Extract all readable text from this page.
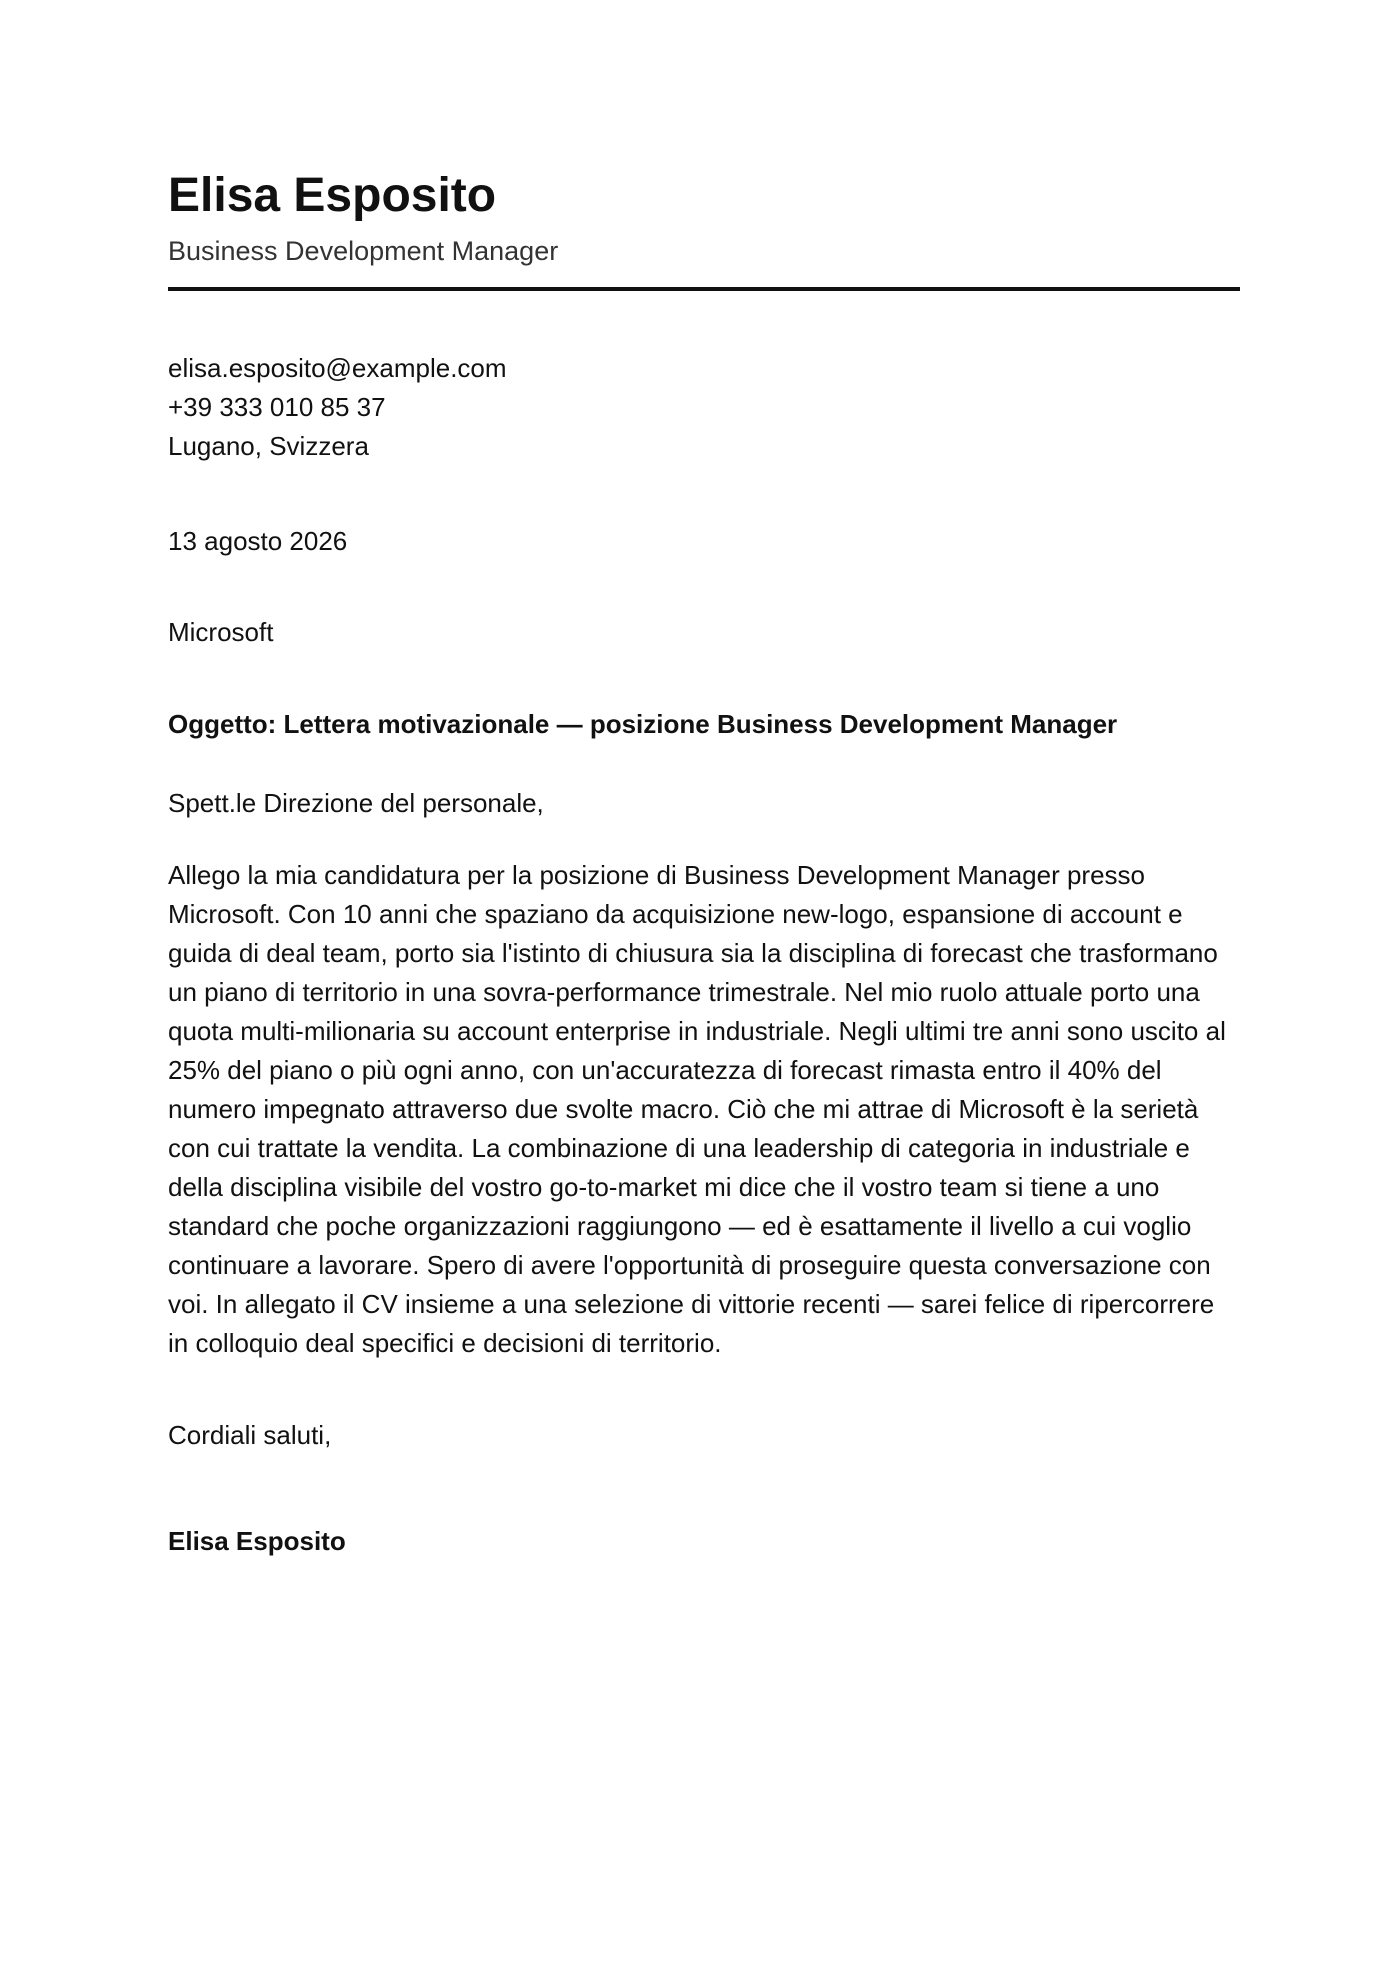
Elisa Esposito
Business Development Manager
elisa.esposito@example.com
+39 333 010 85 37
Lugano, Svizzera
13 agosto 2026
Microsoft
Oggetto: Lettera motivazionale — posizione Business Development Manager
Spett.le Direzione del personale,
Allego la mia candidatura per la posizione di Business Development Manager presso Microsoft. Con 10 anni che spaziano da acquisizione new-logo, espansione di account e guida di deal team, porto sia l'istinto di chiusura sia la disciplina di forecast che trasformano un piano di territorio in una sovra-performance trimestrale. Nel mio ruolo attuale porto una quota multi-milionaria su account enterprise in industriale. Negli ultimi tre anni sono uscito al 25% del piano o più ogni anno, con un'accuratezza di forecast rimasta entro il 40% del numero impegnato attraverso due svolte macro. Ciò che mi attrae di Microsoft è la serietà con cui trattate la vendita. La combinazione di una leadership di categoria in industriale e della disciplina visibile del vostro go-to-market mi dice che il vostro team si tiene a uno standard che poche organizzazioni raggiungono — ed è esattamente il livello a cui voglio continuare a lavorare. Spero di avere l'opportunità di proseguire questa conversazione con voi. In allegato il CV insieme a una selezione di vittorie recenti — sarei felice di ripercorrere in colloquio deal specifici e decisioni di territorio.
Cordiali saluti,
Elisa Esposito
